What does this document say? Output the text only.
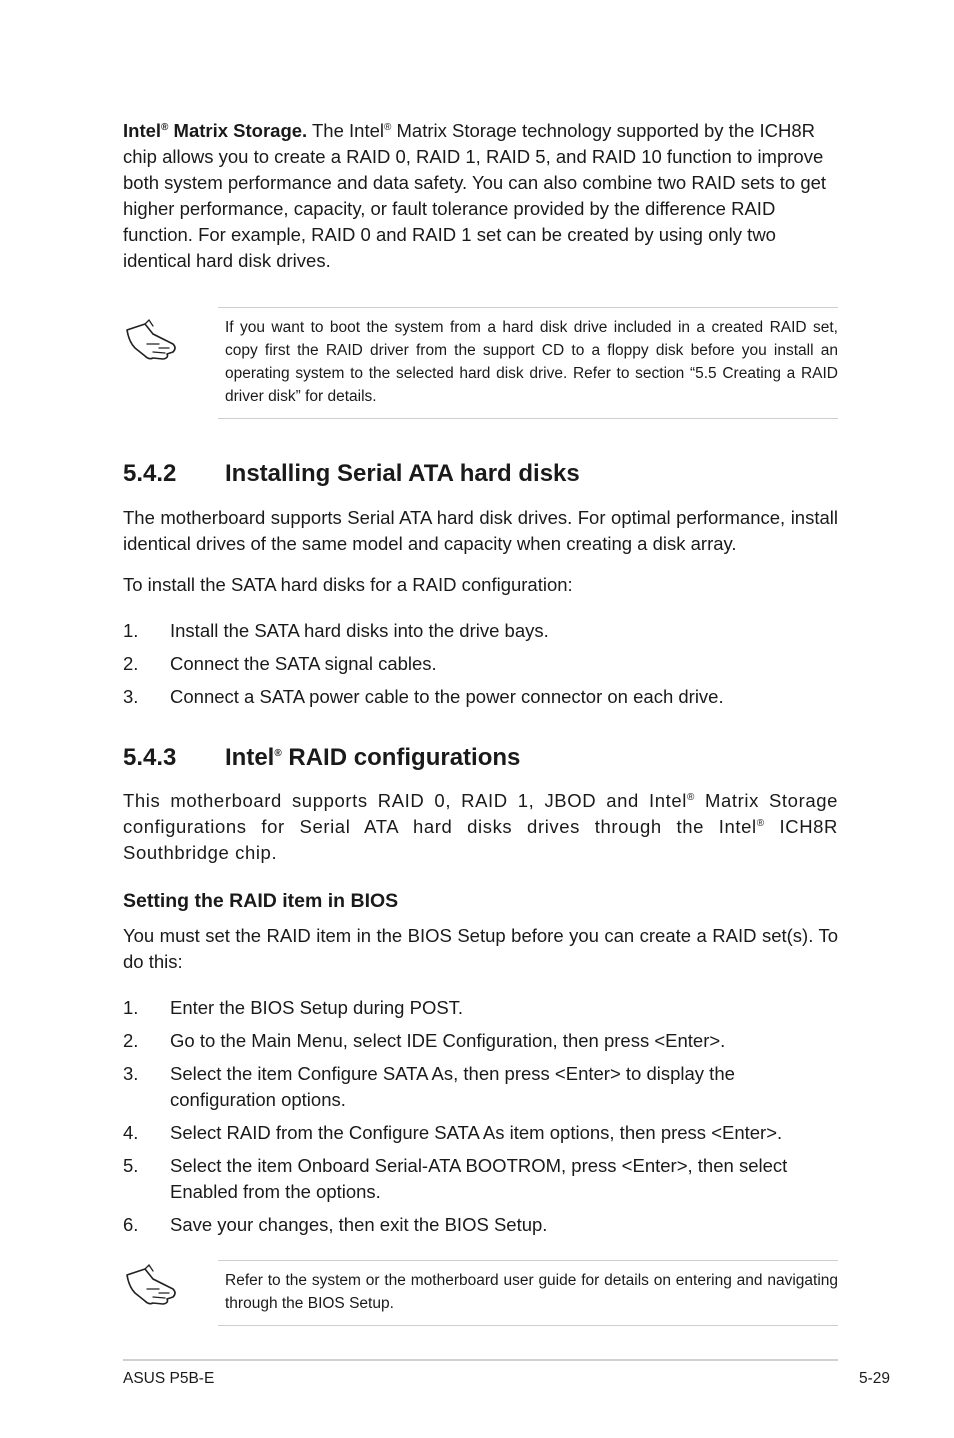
Intel® Matrix Storage. The Intel® Matrix Storage technology supported by the ICH8R chip allows you to create a RAID 0, RAID 1, RAID 5, and RAID 10 function to improve both system performance and data safety. You can also combine two RAID sets to get higher performance, capacity, or fault tolerance provided by the difference RAID function. For example, RAID 0 and RAID 1 set can be created by using only two identical hard disk drives.

If you want to boot the system from a hard disk drive included in a created RAID set, copy first the RAID driver from the support CD to a floppy disk before you install an operating system to the selected hard disk drive. Refer to section “5.5 Creating a RAID driver disk” for details.

5.4.2 Installing Serial ATA hard disks

The motherboard supports Serial ATA hard disk drives. For optimal performance, install identical drives of the same model and capacity when creating a disk array.

To install the SATA hard disks for a RAID configuration:

1. Install the SATA hard disks into the drive bays.
2. Connect the SATA signal cables.
3. Connect a SATA power cable to the power connector on each drive.
5.4.3 Intel® RAID configurations

This motherboard supports RAID 0, RAID 1, JBOD and Intel® Matrix Storage configurations for Serial ATA hard disks drives through the Intel® ICH8R Southbridge chip.

Setting the RAID item in BIOS

You must set the RAID item in the BIOS Setup before you can create a RAID set(s). To do this:

1. Enter the BIOS Setup during POST.
2. Go to the Main Menu, select IDE Configuration, then press <Enter>.
3. Select the item Configure SATA As, then press <Enter> to display the configuration options.
4. Select RAID from the Configure SATA As item options, then press <Enter>.
5. Select the item Onboard Serial-ATA BOOTROM, press <Enter>, then select Enabled from the options.
6. Save your changes, then exit the BIOS Setup.

Refer to the system or the motherboard user guide for details on entering and navigating through the BIOS Setup.

ASUS P5B-E	5-29
